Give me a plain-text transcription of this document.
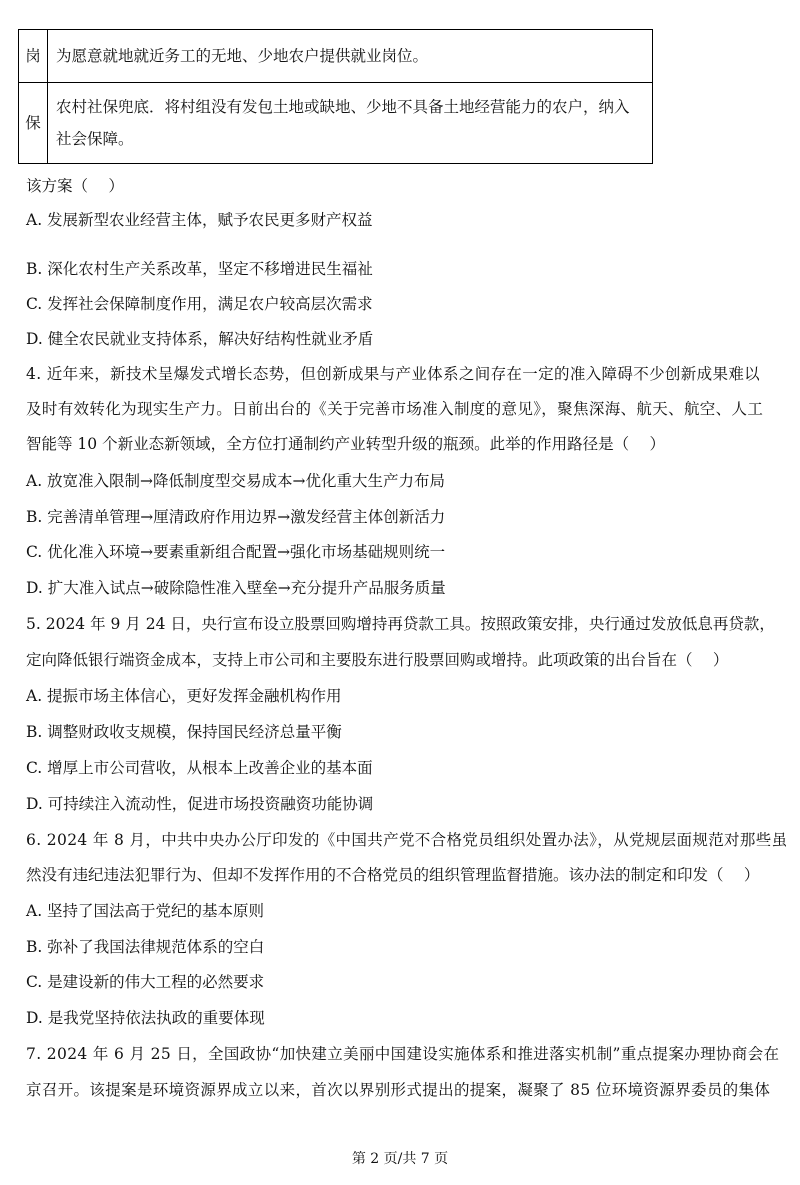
岗	为愿意就地就近务工的无地、少地农户提供就业岗位。
保	农村社保兜底．将村组没有发包土地或缺地、少地不具备土地经营能力的农户，纳入社会保障。
该方案（　 ）
A. 发展新型农业经营主体，赋予农民更多财产权益
B. 深化农村生产关系改革，坚定不移增进民生福祉
C. 发挥社会保障制度作用，满足农户较高层次需求
D. 健全农民就业支持体系，解决好结构性就业矛盾
4. 近年来，新技术呈爆发式增长态势，但创新成果与产业体系之间存在一定的准入障碍不少创新成果难以
及时有效转化为现实生产力。日前出台的《关于完善市场准入制度的意见》，聚焦深海、航天、航空、人工
智能等 10 个新业态新领域，全方位打通制约产业转型升级的瓶颈。此举的作用路径是（　 ）
A. 放宽准入限制→降低制度型交易成本→优化重大生产力布局
B. 完善清单管理→厘清政府作用边界→激发经营主体创新活力
C. 优化准入环境→要素重新组合配置→强化市场基础规则统一
D. 扩大准入试点→破除隐性准入壁垒→充分提升产品服务质量
5. 2024 年 9 月 24 日，央行宣布设立股票回购增持再贷款工具。按照政策安排，央行通过发放低息再贷款，
定向降低银行端资金成本，支持上市公司和主要股东进行股票回购或增持。此项政策的出台旨在（　 ）
A. 提振市场主体信心，更好发挥金融机构作用
B. 调整财政收支规模，保持国民经济总量平衡
C. 增厚上市公司营收，从根本上改善企业的基本面
D. 可持续注入流动性，促进市场投资融资功能协调
6. 2024 年 8 月，中共中央办公厅印发的《中国共产党不合格党员组织处置办法》，从党规层面规范对那些虽
然没有违纪违法犯罪行为、但却不发挥作用的不合格党员的组织管理监督措施。该办法的制定和印发（　 ）
A. 坚持了国法高于党纪的基本原则
B. 弥补了我国法律规范体系的空白
C. 是建设新的伟大工程的必然要求
D. 是我党坚持依法执政的重要体现
7. 2024 年 6 月 25 日，全国政协“加快建立美丽中国建设实施体系和推进落实机制”重点提案办理协商会在
京召开。该提案是环境资源界成立以来，首次以界别形式提出的提案，凝聚了 85 位环境资源界委员的集体
第 2 页/共 7 页
